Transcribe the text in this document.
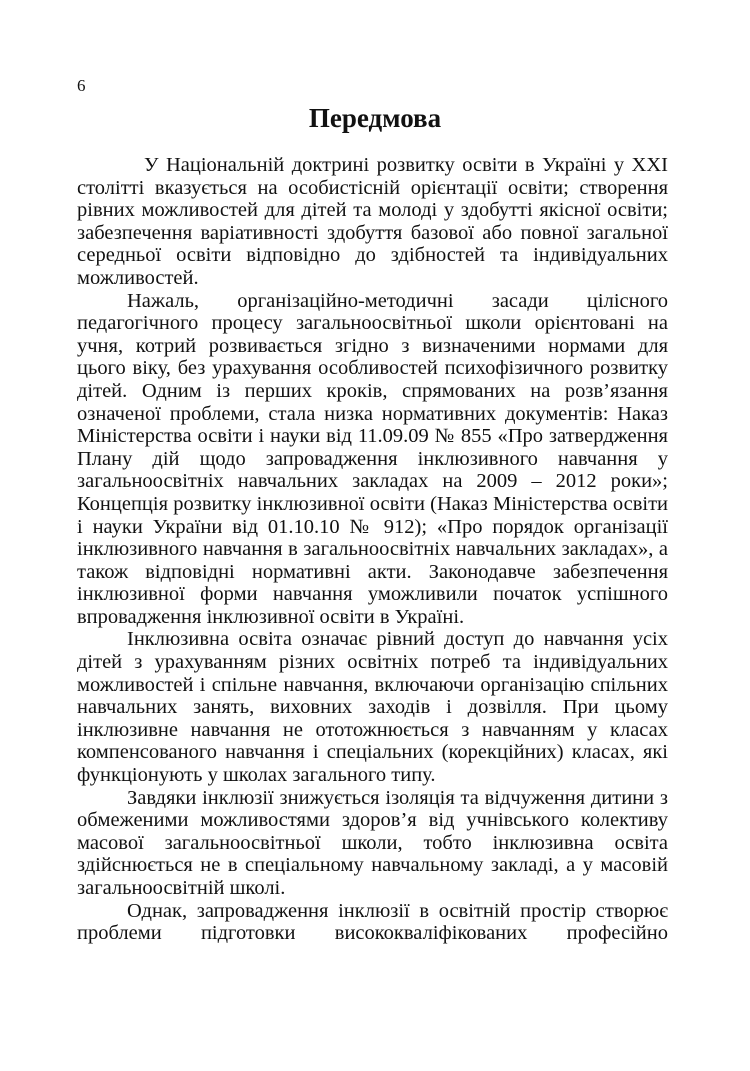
6
Передмова

У Національній доктрині розвитку освіти в Україні у ХХІ столітті вказується на особистісній орієнтації освіти; створення рівних можливостей для дітей та молоді у здобутті якісної освіти; забезпечення варіативності здобуття базової або повної загальної середньої освіти відповідно до здібностей та індивідуальних можливостей.

Нажаль, організаційно-методичні засади цілісного педагогічного процесу загальноосвітньої школи орієнтовані на учня, котрий розвивається згідно з визначеними нормами для цього віку, без урахування особливостей психофізичного розвитку дітей. Одним із перших кроків, спрямованих на розв’язання означеної проблеми, стала низка нормативних документів: Наказ Міністерства освіти і науки від 11.09.09 № 855 «Про затвердження Плану дій щодо запровадження інклюзивного навчання у загальноосвітніх навчальних закладах на 2009 – 2012 роки»; Концепція розвитку інклюзивної освіти (Наказ Міністерства освіти і науки України від 01.10.10 № 912); «Про порядок організації інклюзивного навчання в загальноосвітніх навчальних закладах», а також відповідні нормативні акти. Законодавче забезпечення інклюзивної форми навчання уможливили початок успішного впровадження інклюзивної освіти в Україні.

Інклюзивна освіта означає рівний доступ до навчання усіх дітей з урахуванням різних освітніх потреб та індивідуальних можливостей і спільне навчання, включаючи організацію спільних навчальних занять, виховних заходів і дозвілля. При цьому інклюзивне навчання не ототожнюється з навчанням у класах компенсованого навчання і спеціальних (корекційних) класах, які функціонують у школах загального типу.

Завдяки інклюзії знижується ізоляція та відчуження дитини з обмеженими можливостями здоров’я від учнівського колективу масової загальноосвітньої школи, тобто інклюзивна освіта здійснюється не в спеціальному навчальному закладі, а у масовій загальноосвітній школі.

Однак, запровадження інклюзії в освітній простір створює проблеми підготовки висококваліфікованих професійно
